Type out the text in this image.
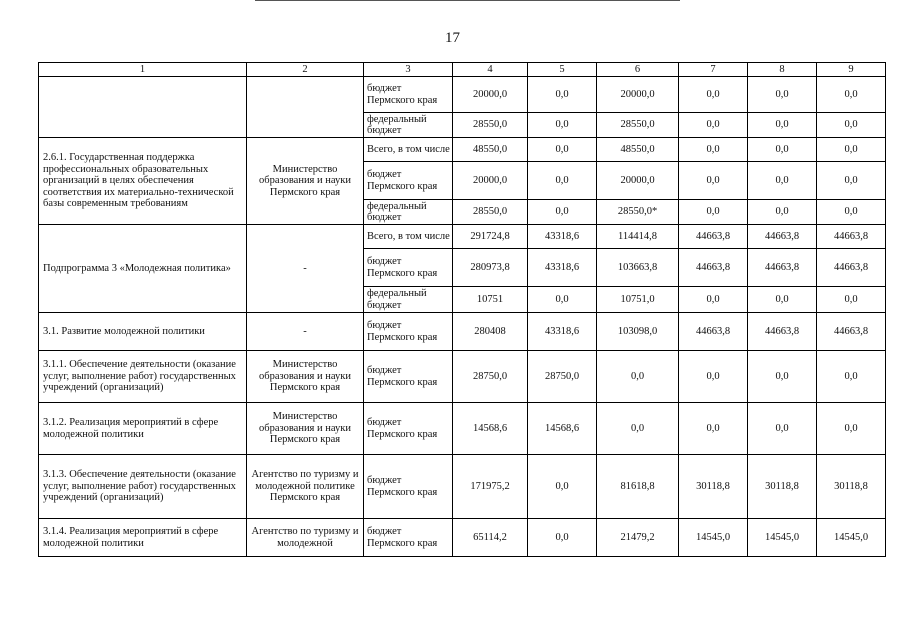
17
1	2	3	4	5	6	7	8	9
		бюджет Пермского края	20000,0	0,0	20000,0	0,0	0,0	0,0
		федеральный бюджет	28550,0	0,0	28550,0	0,0	0,0	0,0
2.6.1. Государственная поддержка профессиональных образовательных организаций в целях обеспечения соответствия их материально-технической базы современным требованиям	Министерство образования и науки Пермского края	Всего, в том числе	48550,0	0,0	48550,0	0,0	0,0	0,0
		бюджет Пермского края	20000,0	0,0	20000,0	0,0	0,0	0,0
		федеральный бюджет	28550,0	0,0	28550,0*	0,0	0,0	0,0
Подпрограмма 3 «Молодежная политика»	-	Всего, в том числе	291724,8	43318,6	114414,8	44663,8	44663,8	44663,8
		бюджет Пермского края	280973,8	43318,6	103663,8	44663,8	44663,8	44663,8
		федеральный бюджет	10751	0,0	10751,0	0,0	0,0	0,0
3.1. Развитие молодежной политики	-	бюджет Пермского края	280408	43318,6	103098,0	44663,8	44663,8	44663,8
3.1.1. Обеспечение деятельности (оказание услуг, выполнение работ) государственных учреждений (организаций)	Министерство образования и науки Пермского края	бюджет Пермского края	28750,0	28750,0	0,0	0,0	0,0	0,0
3.1.2. Реализация мероприятий в сфере молодежной политики	Министерство образования и науки Пермского края	бюджет Пермского края	14568,6	14568,6	0,0	0,0	0,0	0,0
3.1.3. Обеспечение деятельности (оказание услуг, выполнение работ) государственных учреждений (организаций)	Агентство по туризму и молодежной политике Пермского края	бюджет Пермского края	171975,2	0,0	81618,8	30118,8	30118,8	30118,8
3.1.4. Реализация мероприятий в сфере молодежной политики	Агентство по туризму и молодежной	бюджет Пермского края	65114,2	0,0	21479,2	14545,0	14545,0	14545,0
